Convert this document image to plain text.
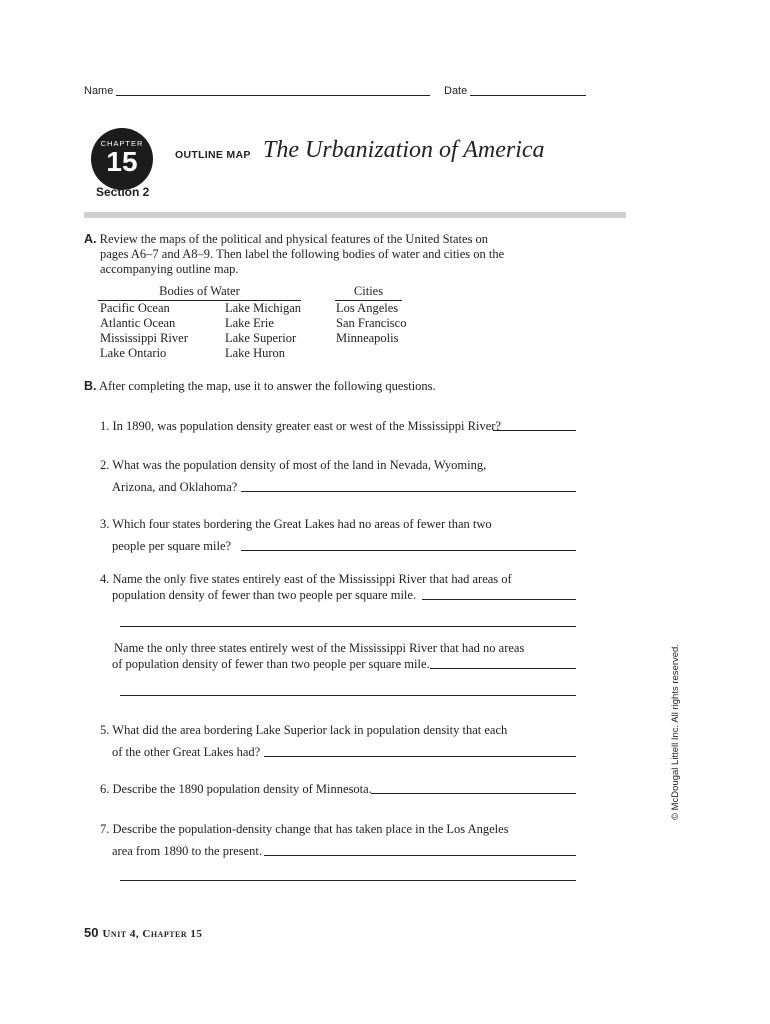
Name	Date
CHAPTER
15
Section 2
OUTLINE MAP The Urbanization of America
A. Review the maps of the political and physical features of the United States on
pages A6–7 and A8–9. Then label the following bodies of water and cities on the
accompanying outline map.
Bodies of Water	Cities
Pacific Ocean
Atlantic Ocean
Mississippi River
Lake Ontario
Lake Michigan
Lake Erie
Lake Superior
Lake Huron
Los Angeles
San Francisco
Minneapolis
B. After completing the map, use it to answer the following questions.
1. In 1890, was population density greater east or west of the Mississippi River?
2. What was the population density of most of the land in Nevada, Wyoming,
Arizona, and Oklahoma?
3. Which four states bordering the Great Lakes had no areas of fewer than two
people per square mile?
4. Name the only five states entirely east of the Mississippi River that had areas of
population density of fewer than two people per square mile.
Name the only three states entirely west of the Mississippi River that had no areas
of population density of fewer than two people per square mile.
5. What did the area bordering Lake Superior lack in population density that each
of the other Great Lakes had?
6. Describe the 1890 population density of Minnesota.
7. Describe the population-density change that has taken place in the Los Angeles
area from 1890 to the present.
© McDougal Littell Inc. All rights reserved.
50 Unit 4, Chapter 15
